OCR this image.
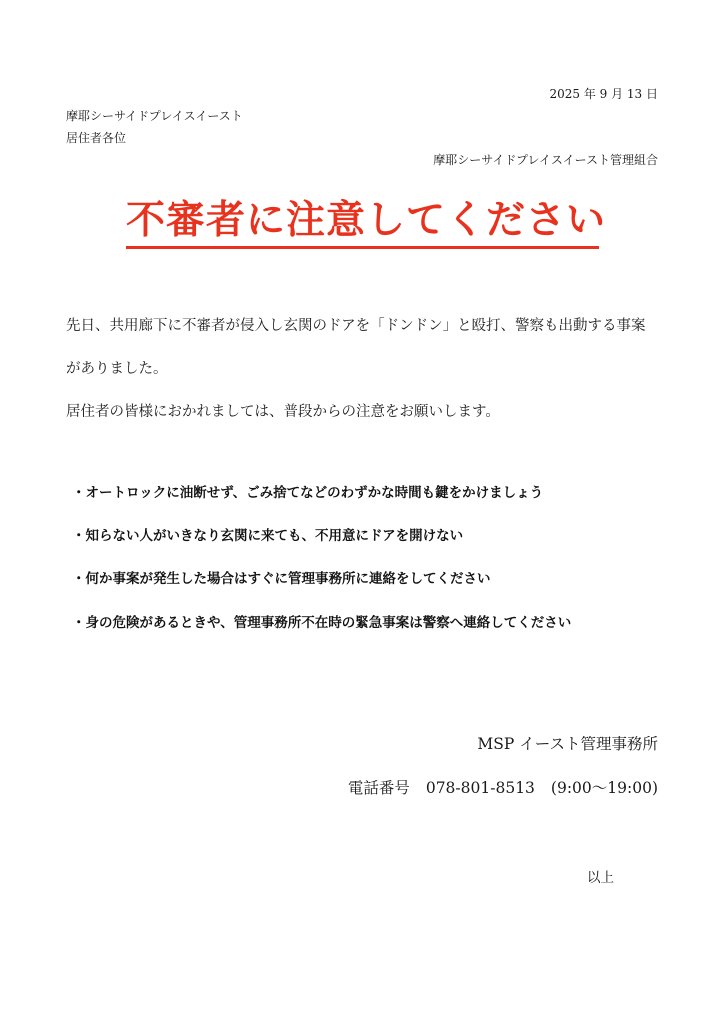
2025 年 9 月 13 日
摩耶シーサイドプレイスイースト
居住者各位
摩耶シーサイドプレイスイースト管理組合
不審者に注意してください
先日、共用廊下に不審者が侵入し玄関のドアを「ドンドン」と殴打、警察も出動する事案
がありました。
居住者の皆様におかれましては、普段からの注意をお願いします。
・オートロックに油断せず、ごみ捨てなどのわずかな時間も鍵をかけましょう
・知らない人がいきなり玄関に来ても、不用意にドアを開けない
・何か事案が発生した場合はすぐに管理事務所に連絡をしてください
・身の危険があるときや、管理事務所不在時の緊急事案は警察へ連絡してください
MSP イースト管理事務所
電話番号 078-801-8513 (9:00～19:00)
以上
